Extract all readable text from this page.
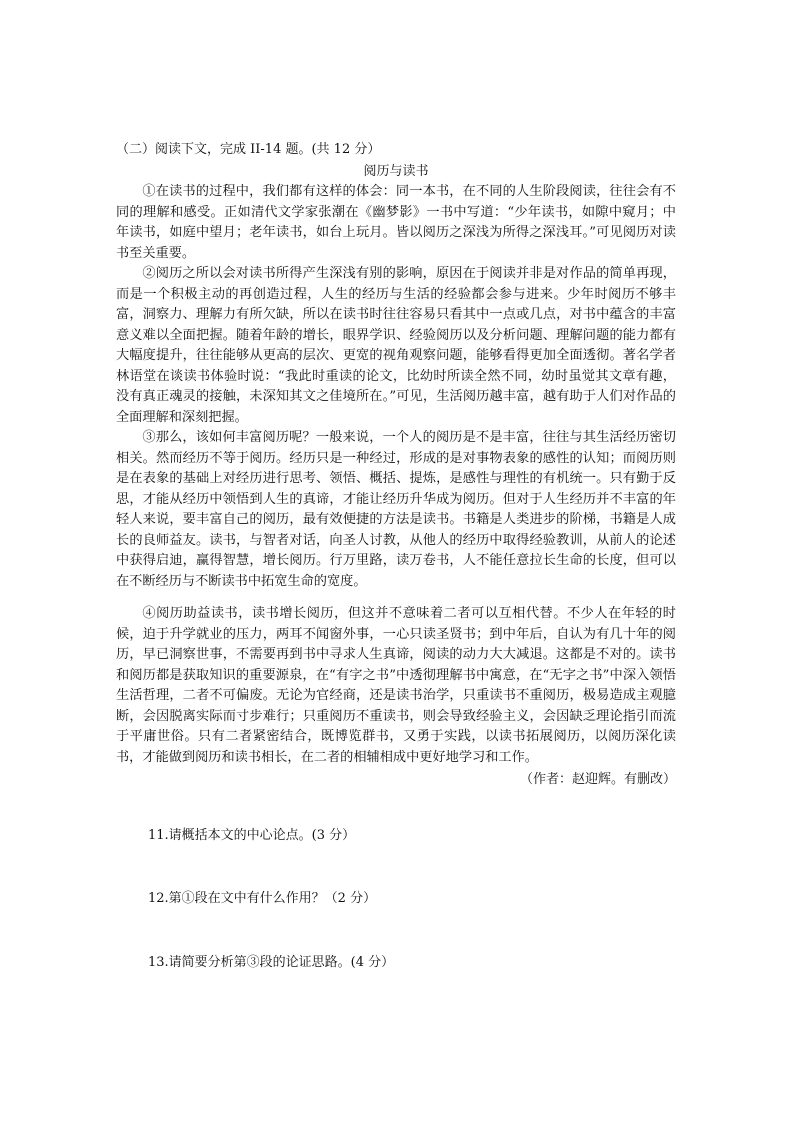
（二）阅读下文，完成 II-14 题。(共 12 分）
阅历与读书
①在读书的过程中，我们都有这样的体会：同一本书，在不同的人生阶段阅读，往往会有不同的理解和感受。正如清代文学家张潮在《幽梦影》一书中写道：“少年读书，如隙中窥月；中年读书，如庭中望月；老年读书，如台上玩月。皆以阅历之深浅为所得之深浅耳。”可见阅历对读书至关重要。
②阅历之所以会对读书所得产生深浅有别的影响，原因在于阅读并非是对作品的简单再现，而是一个积极主动的再创造过程，人生的经历与生活的经验都会参与进来。少年时阅历不够丰富，洞察力、理解力有所欠缺，所以在读书时往往容易只看其中一点或几点，对书中蕴含的丰富意义难以全面把握。随着年龄的增长，眼界学识、经验阅历以及分析问题、理解问题的能力都有大幅度提升，往往能够从更高的层次、更宽的视角观察问题，能够看得更加全面透彻。著名学者林语堂在谈读书体验时说：“我此时重读的论文，比幼时所读全然不同，幼时虽觉其文章有趣，没有真正魂灵的接触，未深知其文之佳境所在。”可见，生活阅历越丰富，越有助于人们对作品的全面理解和深刻把握。
③那么，该如何丰富阅历呢？一般来说，一个人的阅历是不是丰富，往往与其生活经历密切相关。然而经历不等于阅历。经历只是一种经过，形成的是对事物表象的感性的认知；而阅历则是在表象的基础上对经历进行思考、领悟、概括、提炼，是感性与理性的有机统一。只有勤于反思，才能从经历中领悟到人生的真谛，才能让经历升华成为阅历。但对于人生经历并不丰富的年轻人来说，要丰富自己的阅历，最有效便捷的方法是读书。书籍是人类进步的阶梯，书籍是人成长的良师益友。读书，与智者对话，向圣人讨教，从他人的经历中取得经验教训，从前人的论述中获得启迪，赢得智慧，增长阅历。行万里路，读万卷书，人不能任意拉长生命的长度，但可以在不断经历与不断读书中拓宽生命的宽度。
④阅历助益读书，读书增长阅历，但这并不意味着二者可以互相代替。不少人在年轻的时候，迫于升学就业的压力，两耳不闻窗外事，一心只读圣贤书；到中年后，自认为有几十年的阅历，早已洞察世事，不需要再到书中寻求人生真谛，阅读的动力大大减退。这都是不对的。读书和阅历都是获取知识的重要源泉，在“有字之书”中透彻理解书中寓意，在“无字之书”中深入领悟生活哲理，二者不可偏废。无论为官经商，还是读书治学，只重读书不重阅历，极易造成主观臆断，会因脱离实际而寸步难行；只重阅历不重读书，则会导致经验主义，会因缺乏理论指引而流于平庸世俗。只有二者紧密结合，既博览群书，又勇于实践，以读书拓展阅历，以阅历深化读书，才能做到阅历和读书相长，在二者的相辅相成中更好地学习和工作。
（作者：赵迎辉。有删改）
11.请概括本文的中心论点。(3 分）
12.第①段在文中有什么作用？（2 分）
13.请简要分析第③段的论证思路。(4 分）
